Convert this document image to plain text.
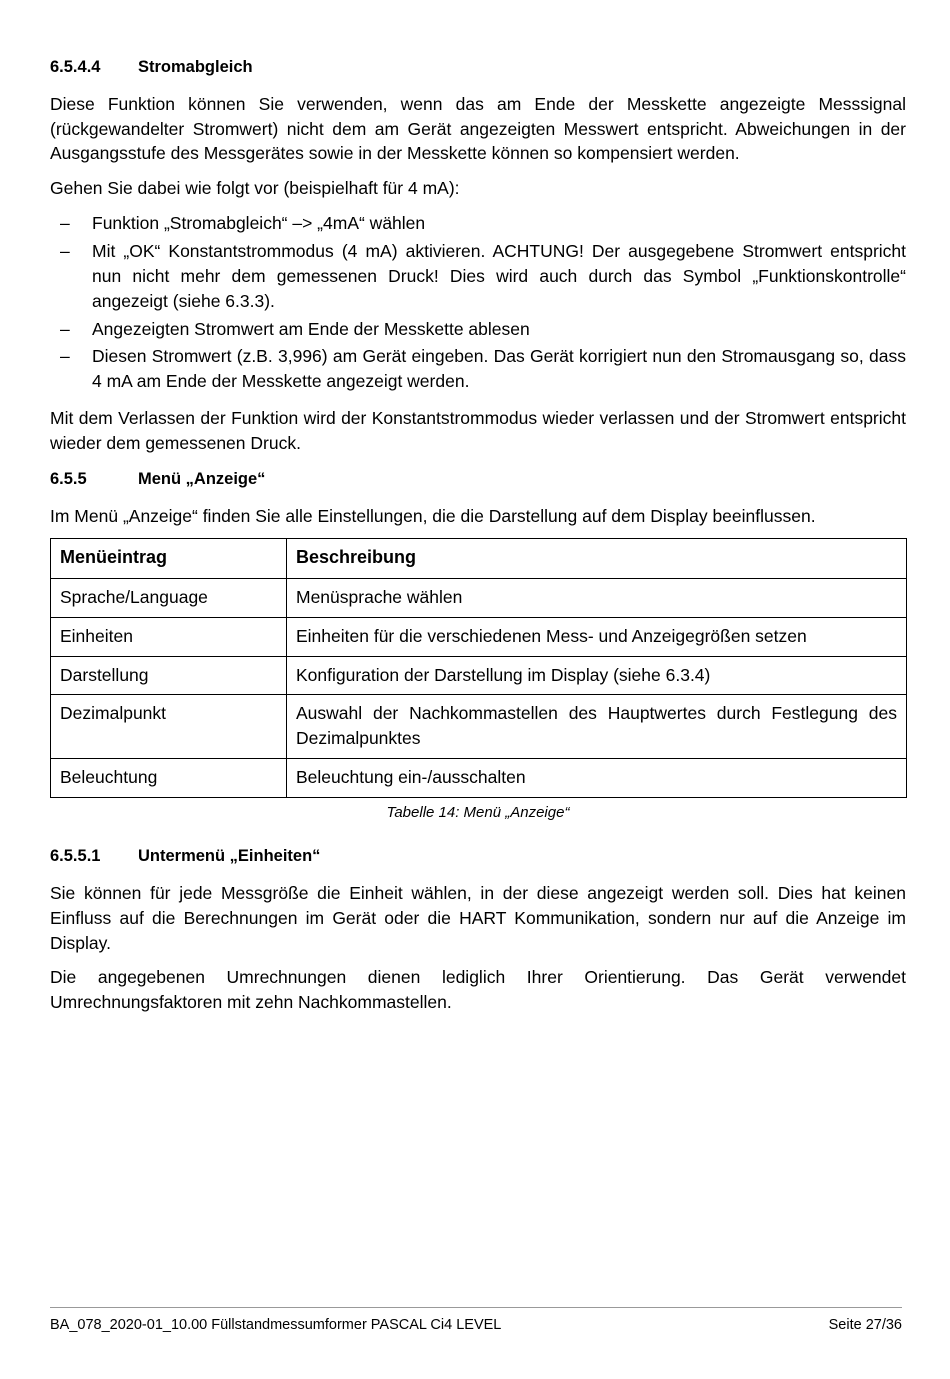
6.5.4.4 Stromabgleich

Diese Funktion können Sie verwenden, wenn das am Ende der Messkette angezeigte Messsignal (rückgewandelter Stromwert) nicht dem am Gerät angezeigten Messwert entspricht. Abweichungen in der Ausgangsstufe des Messgerätes sowie in der Messkette können so kompensiert werden.

Gehen Sie dabei wie folgt vor (beispielhaft für 4 mA):

– Funktion „Stromabgleich“ –> „4mA“ wählen
– Mit „OK“ Konstantstrommodus (4 mA) aktivieren. ACHTUNG! Der ausgegebene Stromwert entspricht nun nicht mehr dem gemessenen Druck! Dies wird auch durch das Symbol „Funktionskontrolle“ angezeigt (siehe 6.3.3).
– Angezeigten Stromwert am Ende der Messkette ablesen
– Diesen Stromwert (z.B. 3,996) am Gerät eingeben. Das Gerät korrigiert nun den Stromausgang so, dass 4 mA am Ende der Messkette angezeigt werden.

Mit dem Verlassen der Funktion wird der Konstantstrommodus wieder verlassen und der Stromwert entspricht wieder dem gemessenen Druck.

6.5.5	Menü „Anzeige“

Im Menü „Anzeige“ finden Sie alle Einstellungen, die die Darstellung auf dem Display beeinflussen.

Menüeintrag	Beschreibung
Sprache/Language	Menüsprache wählen
Einheiten	Einheiten für die verschiedenen Mess- und Anzeigegrößen setzen
Darstellung	Konfiguration der Darstellung im Display (siehe 6.3.4)
Dezimalpunkt	Auswahl der Nachkommastellen des Hauptwertes durch Festlegung des Dezimalpunktes
Beleuchtung	Beleuchtung ein-/ausschalten

Tabelle 14: Menü „Anzeige“

6.5.5.1 Untermenü „Einheiten“

Sie können für jede Messgröße die Einheit wählen, in der diese angezeigt werden soll. Dies hat keinen Einfluss auf die Berechnungen im Gerät oder die HART Kommunikation, sondern nur auf die Anzeige im Display.

Die angegebenen Umrechnungen dienen lediglich Ihrer Orientierung. Das Gerät verwendet Umrechnungsfaktoren mit zehn Nachkommastellen.

BA_078_2020-01_10.00 Füllstandmessumformer PASCAL Ci4 LEVEL	Seite 27/36
